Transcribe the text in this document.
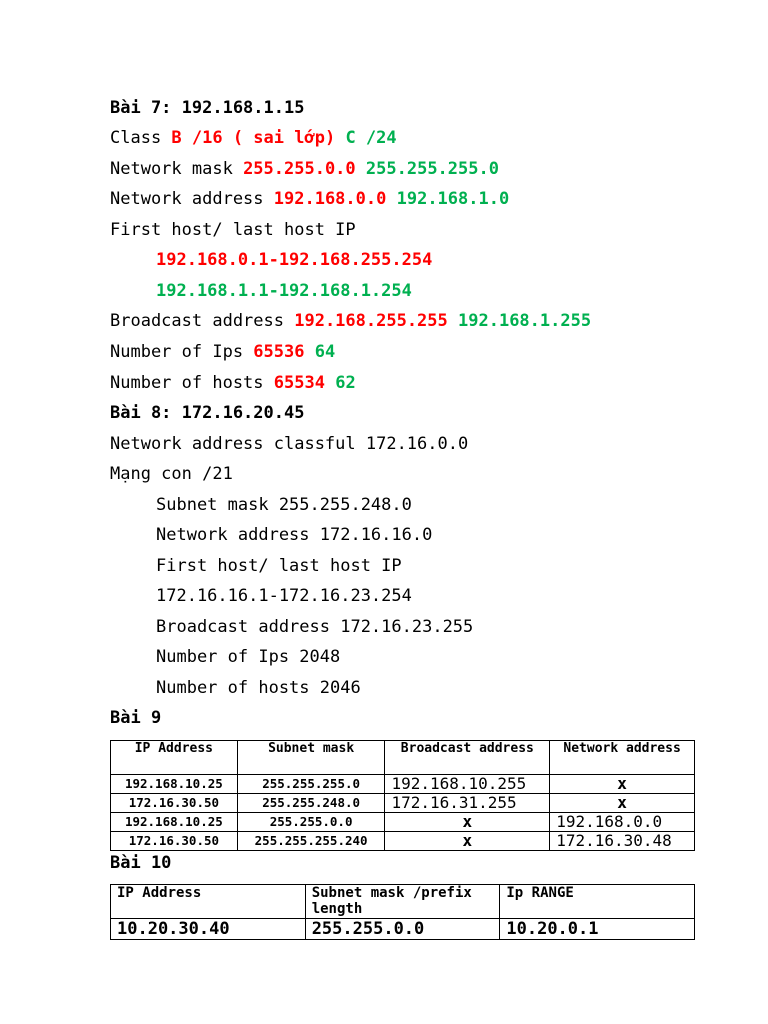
Bài 7: 192.168.1.15
Class B /16 ( sai lớp) C /24
Network mask 255.255.0.0 255.255.255.0
Network address 192.168.0.0 192.168.1.0
First host/ last host IP
192.168.0.1-192.168.255.254
192.168.1.1-192.168.1.254
Broadcast address 192.168.255.255 192.168.1.255
Number of Ips 65536 64
Number of hosts 65534 62
Bài 8: 172.16.20.45
Network address classful 172.16.0.0
Mạng con /21
Subnet mask 255.255.248.0
Network address 172.16.16.0
First host/ last host IP
172.16.16.1-172.16.23.254
Broadcast address 172.16.23.255
Number of Ips 2048
Number of hosts 2046
Bài 9
IP Address	Subnet mask	Broadcast address	Network address
192.168.10.25	255.255.255.0	192.168.10.255	x
172.16.30.50	255.255.248.0	172.16.31.255	x
192.168.10.25	255.255.0.0	x	192.168.0.0
172.16.30.50	255.255.255.240	x	172.16.30.48
Bài 10
IP Address	Subnet mask /prefix length	Ip RANGE
10.20.30.40	255.255.0.0	10.20.0.1
